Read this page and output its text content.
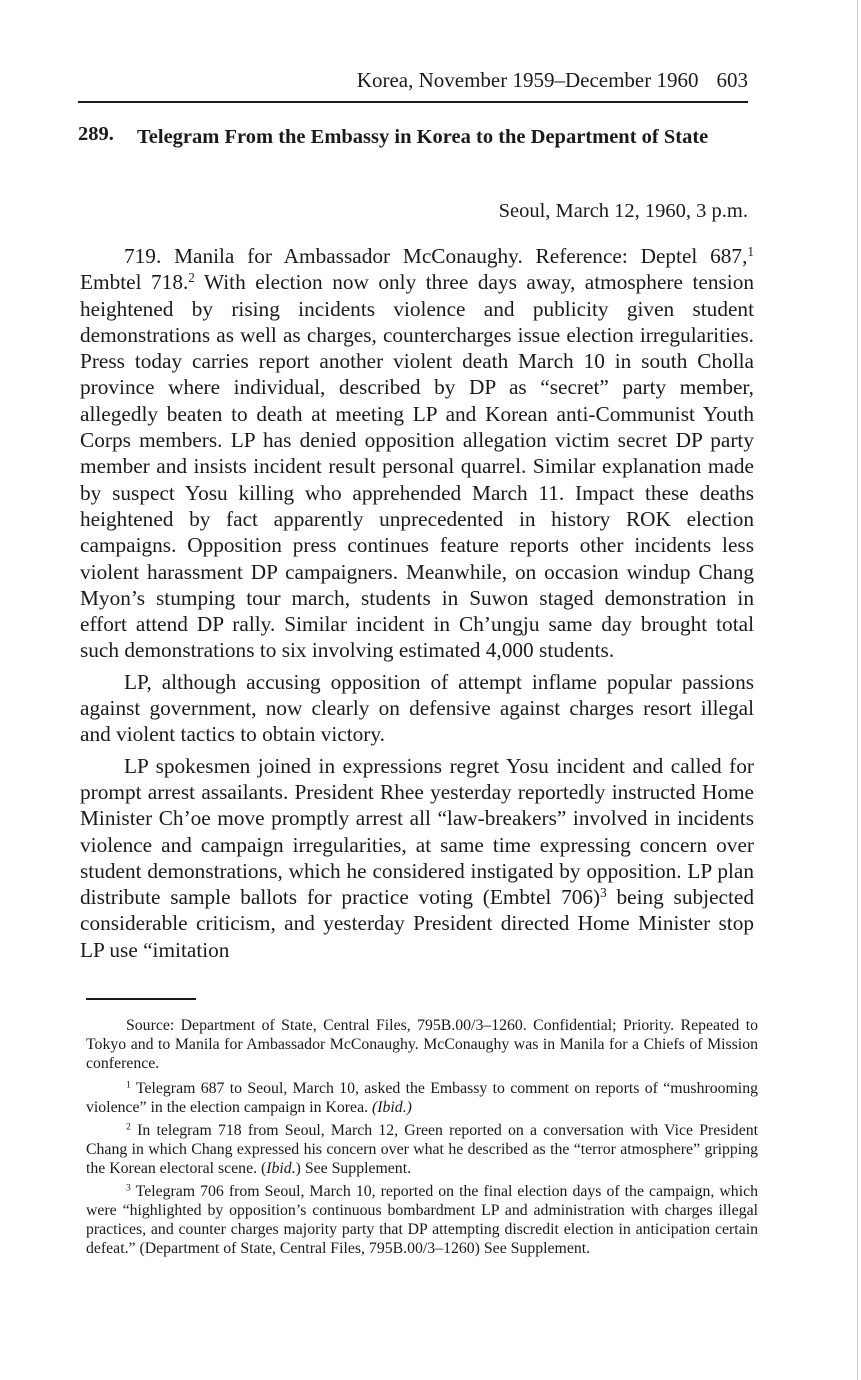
Korea, November 1959–December 1960 603
289. Telegram From the Embassy in Korea to the Department of State
Seoul, March 12, 1960, 3 p.m.

719. Manila for Ambassador McConaughy. Reference: Deptel 687,$^1$ Embtel 718.$^2$ With election now only three days away, atmosphere tension heightened by rising incidents violence and publicity given student demonstrations as well as charges, countercharges issue election irregularities. Press today carries report another violent death March 10 in south Cholla province where individual, described by DP as “secret” party member, allegedly beaten to death at meeting LP and Korean anti-Communist Youth Corps members. LP has denied opposition allegation victim secret DP party member and insists incident result personal quarrel. Similar explanation made by suspect Yosu killing who apprehended March 11. Impact these deaths heightened by fact apparently unprecedented in history ROK election campaigns. Opposition press continues feature reports other incidents less violent harassment DP campaigners. Meanwhile, on occasion windup Chang Myon’s stumping tour march, students in Suwon staged demonstration in effort attend DP rally. Similar incident in Ch’ungju same day brought total such demonstrations to six involving estimated 4,000 students.

LP, although accusing opposition of attempt inflame popular passions against government, now clearly on defensive against charges resort illegal and violent tactics to obtain victory.

LP spokesmen joined in expressions regret Yosu incident and called for prompt arrest assailants. President Rhee yesterday reportedly instructed Home Minister Ch’oe move promptly arrest all “law-breakers” involved in incidents violence and campaign irregularities, at same time expressing concern over student demonstrations, which he considered instigated by opposition. LP plan distribute sample ballots for practice voting (Embtel 706)$^3$ being subjected considerable criticism, and yesterday President directed Home Minister stop LP use “imitation

Source: Department of State, Central Files, 795B.00/3–1260. Confidential; Priority. Repeated to Tokyo and to Manila for Ambassador McConaughy. McConaughy was in Manila for a Chiefs of Mission conference.

$^1$ Telegram 687 to Seoul, March 10, asked the Embassy to comment on reports of “mushrooming violence” in the election campaign in Korea. (Ibid.)

$^2$ In telegram 718 from Seoul, March 12, Green reported on a conversation with Vice President Chang in which Chang expressed his concern over what he described as the “terror atmosphere” gripping the Korean electoral scene. (Ibid.) See Supplement.

$^3$ Telegram 706 from Seoul, March 10, reported on the final election days of the campaign, which were “highlighted by opposition’s continuous bombardment LP and administration with charges illegal practices, and counter charges majority party that DP attempting discredit election in anticipation certain defeat.” (Department of State, Central Files, 795B.00/3–1260) See Supplement.
